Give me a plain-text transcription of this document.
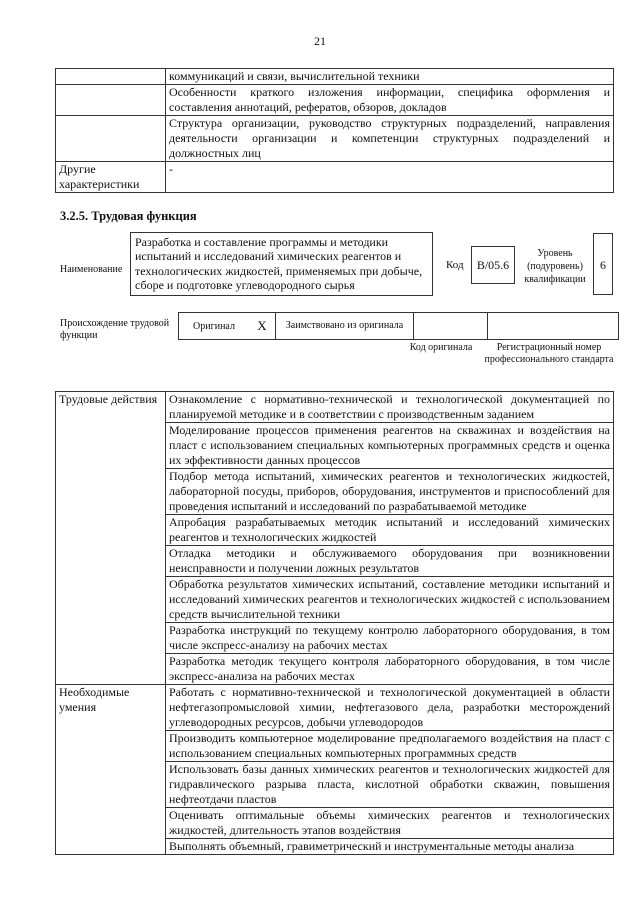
21
	коммуникаций и связи, вычислительной техники
	Особенности краткого изложения информации, специфика оформления и составления аннотаций, рефератов, обзоров, докладов
	Структура организации, руководство структурных подразделений, направления деятельности организации и компетенции структурных подразделений и должностных лиц
Другие характеристики	-
3.2.5. Трудовая функция
Наименование
Разработка и составление программы и методики испытаний и исследований химических реагентов и технологических жидкостей, применяемых при добыче, сборе и подготовке углеводородного сырья
Код	B/05.6
Уровень (подуровень) квалификации
6
Происхождение трудовой функции
Оригинал	X	Заимствовано из оригинала
Код оригинала	Регистрационный номер профессионального стандарта
Трудовые действия	Ознакомление с нормативно-технической и технологической документацией по планируемой методике и в соответствии с производственным заданием
	Моделирование процессов применения реагентов на скважинах и воздействия на пласт с использованием специальных компьютерных программных средств и оценка их эффективности данных процессов
	Подбор метода испытаний, химических реагентов и технологических жидкостей, лабораторной посуды, приборов, оборудования, инструментов и приспособлений для проведения испытаний и исследований по разрабатываемой методике
	Апробация разрабатываемых методик испытаний и исследований химических реагентов и технологических жидкостей
	Отладка методики и обслуживаемого оборудования при возникновении неисправности и получении ложных результатов
	Обработка результатов химических испытаний, составление методики испытаний и исследований химических реагентов и технологических жидкостей с использованием средств вычислительной техники
	Разработка инструкций по текущему контролю лабораторного оборудования, в том числе экспресс-анализу на рабочих местах
	Разработка методик текущего контроля лабораторного оборудования, в том числе экспресс-анализа на рабочих местах
Необходимые умения	Работать с нормативно-технической и технологической документацией в области нефтегазопромысловой химии, нефтегазового дела, разработки месторождений углеводородных ресурсов, добычи углеводородов
	Производить компьютерное моделирование предполагаемого воздействия на пласт с использованием специальных компьютерных программных средств
	Использовать базы данных химических реагентов и технологических жидкостей для гидравлического разрыва пласта, кислотной обработки скважин, повышения нефтеотдачи пластов
	Оценивать оптимальные объемы химических реагентов и технологических жидкостей, длительность этапов воздействия
	Выполнять объемный, гравиметрический и инструментальные методы анализа
